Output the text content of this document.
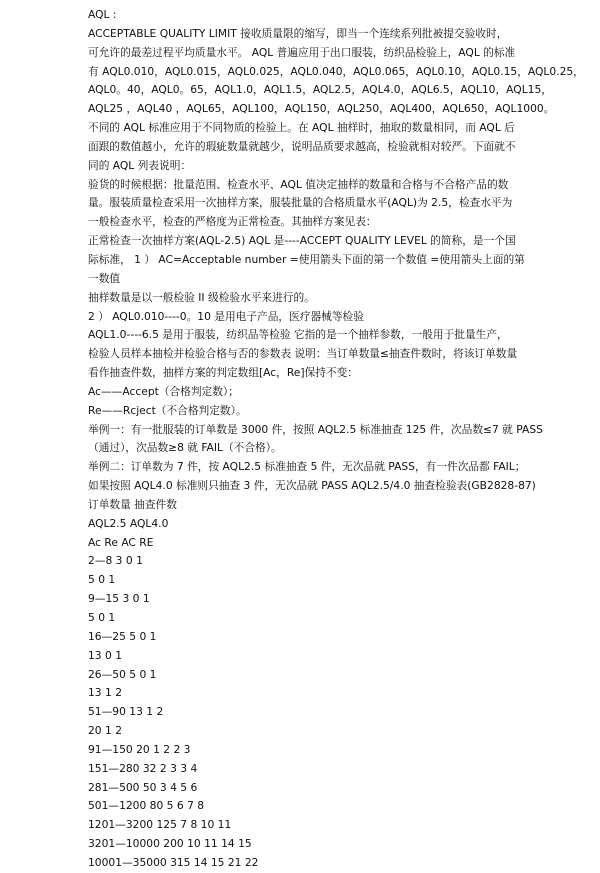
AQL :
ACCEPTABLE QUALITY LIMIT 接收质量限的缩写，即当一个连续系列批被提交验收时，
可允许的最差过程平均质量水平。 AQL 普遍应用于出口服装，纺织品检验上，AQL 的标准
有 AQL0.010，AQL0.015，AQL0.025，AQL0.040，AQL0.065，AQL0.10，AQL0.15，AQL0.25，
AQL0。40，AQL0。65，AQL1.0，AQL1.5，AQL2.5，AQL4.0，AQL6.5，AQL10，AQL15，
AQL25 ，AQL40 ，AQL65，AQL100，AQL150，AQL250，AQL400，AQL650，AQL1000。
不同的 AQL 标准应用于不同物质的检验上。在 AQL 抽样时，抽取的数量相同，而 AQL 后
面跟的数值越小，允许的瑕疵数量就越少，说明品质要求越高，检验就相对较严。下面就不
同的 AQL 列表说明：
验货的时候根据：批量范围、检查水平、AQL 值决定抽样的数量和合格与不合格产品的数
量。服装质量检查采用一次抽样方案，服装批量的合格质量水平(AQL)为 2.5，检查水平为
一般检查水平，检查的严格度为正常检查。其抽样方案见表：
正常检查一次抽样方案(AQL-2.5) AQL 是----ACCEPT QUALITY LEVEL 的简称，是一个国
际标准， 1 ） AC=Acceptable number =使用箭头下面的第一个数值 =使用箭头上面的第
一数值
抽样数量是以一般检验 II 级检验水平来进行的。
2 ） AQL0.010----0。10 是用电子产品，医疗器械等检验
AQL1.0----6.5 是用于服装，纺织品等检验 它指的是一个抽样参数，一般用于批量生产，
检验人员样本抽检并检验合格与否的参数表 说明：当订单数量≤抽查件数时，将该订单数量
看作抽查件数，抽样方案的判定数组[Ac，Re]保持不变：
Ac——Accept（合格判定数）；
Re——Rcject（不合格判定数）。
举例一：有一批服装的订单数是 3000 件，按照 AQL2.5 标准抽查 125 件，次品数≤7 就 PASS
（通过），次品数≥8 就 FAIL（不合格）。
举例二：订单数为 7 件，按 AQL2.5 标准抽查 5 件，无次品就 PASS，有一件次品都 FAIL；
如果按照 AQL4.0 标准则只抽查 3 件，无次品就 PASS AQL2.5/4.0 抽查检验表(GB2828-87)
订单数量 抽查件数
AQL2.5 AQL4.0
Ac Re AC RE
2—8 3 0 1
5 0 1
9—15 3 0 1
5 0 1
16—25 5 0 1
13 0 1
26—50 5 0 1
13 1 2
51—90 13 1 2
20 1 2
91—150 20 1 2 2 3
151—280 32 2 3 3 4
281—500 50 3 4 5 6
501—1200 80 5 6 7 8
1201—3200 125 7 8 10 11
3201—10000 200 10 11 14 15
10001—35000 315 14 15 21 22
